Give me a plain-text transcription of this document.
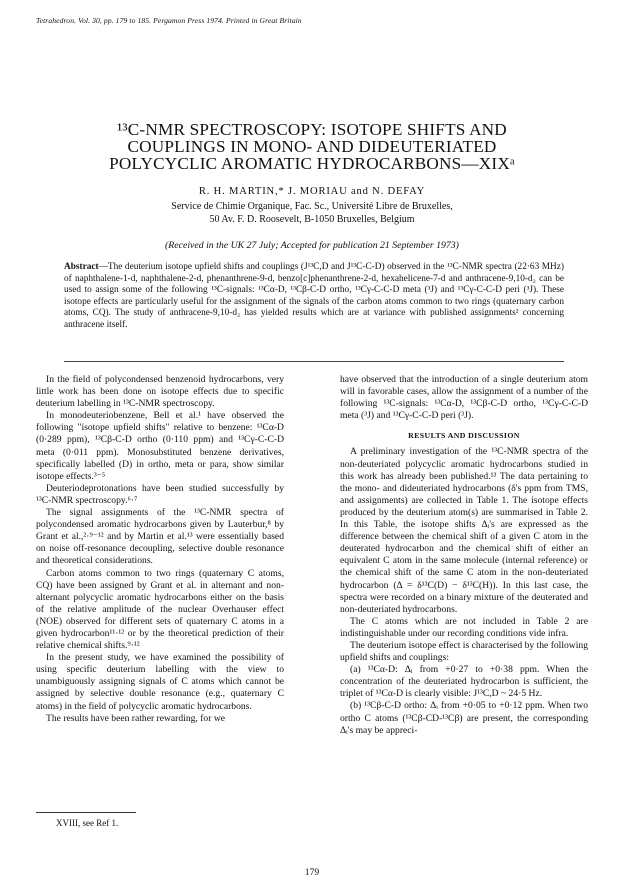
Tetrahedron. Vol. 30, pp. 179 to 185. Pergamon Press 1974. Printed in Great Britain
¹³C-NMR SPECTROSCOPY: ISOTOPE SHIFTS AND
COUPLINGS IN MONO- AND DIDEUTERIATED
POLYCYCLIC AROMATIC HYDROCARBONS—XIXᵃ
R. H. MARTIN,* J. MORIAU and N. DEFAY
Service de Chimie Organique, Fac. Sc., Université Libre de Bruxelles,
50 Av. F. D. Roosevelt, B-1050 Bruxelles, Belgium
(Received in the UK 27 July; Accepted for publication 21 September 1973)
Abstract—The deuterium isotope upfield shifts and couplings (J¹³C,D and J¹³C-C-D) observed in the ¹³C-NMR spectra (22·63 MHz) of naphthalene-1-d, naphthalene-2-d, phenanthrene-9-d, benzo[c]phenanthrene-2-d, hexahelicene-7-d and anthracene-9,10-d₂ can be used to assign some of the following ¹³C-signals: ¹³Cα-D, ¹³Cβ-C-D ortho, ¹³Cγ-C-C-D meta (³J) and ¹³Cγ-C-C-D peri (³J). These isotope effects are particularly useful for the assignment of the signals of the carbon atoms common to two rings (quaternary carbon atoms, CQ). The study of anthracene-9,10-d₂ has yielded results which are at variance with published assignments² concerning anthracene itself.

In the field of polycondensed benzenoid hydrocarbons, very little work has been done on isotope effects due to specific deuterium labelling in ¹³C-NMR spectroscopy.

In monodeuteriobenzene, Bell et al.¹ have observed the following "isotope upfield shifts" relative to benzene: ¹³Cα-D (0·289 ppm), ¹³Cβ-C-D ortho (0·110 ppm) and ¹³Cγ-C-C-D meta (0·011 ppm). Monosubstituted benzene derivatives, specifically labelled (D) in ortho, meta or para, show similar isotope effects.³⁻⁵

Deuteriodeprotonations have been studied successfully by ¹³C-NMR spectroscopy.⁶·⁷

The signal assignments of the ¹³C-NMR spectra of polycondensed aromatic hydrocarbons given by Lauterbur,⁸ by Grant et al.,²·⁹⁻¹² and by Martin et al.¹³ were essentially based on noise off-resonance decoupling, selective double resonance and theoretical considerations.

Carbon atoms common to two rings (quaternary C atoms, CQ) have been assigned by Grant et al. in alternant and non-alternant polycyclic aromatic hydrocarbons either on the basis of the relative amplitude of the nuclear Overhauser effect (NOE) observed for different sets of quaternary C atoms in a given hydrocarbon¹¹·¹² or by the theoretical prediction of their relative chemical shifts.⁹·¹²

In the present study, we have examined the possibility of using specific deuterium labelling with the view to unambiguously assigning signals of C atoms which cannot be assigned by selective double resonance (e.g., quaternary C atoms) in the field of polycyclic aromatic hydrocarbons.

The results have been rather rewarding, for we

have observed that the introduction of a single deuterium atom will in favorable cases, allow the assignment of a number of the following ¹³C-signals: ¹³Cα-D, ¹³Cβ-C-D ortho, ¹³Cγ-C-C-D meta (³J) and ¹³Cγ-C-C-D peri (³J).

RESULTS AND DISCUSSION

A preliminary investigation of the ¹³C-NMR spectra of the non-deuteriated polycyclic aromatic hydrocarbons studied in this work has already been published.¹³ The data pertaining to the mono- and dideuteriated hydrocarbons (δ's ppm from TMS, and assignments) are collected in Table 1. The isotope effects produced by the deuterium atom(s) are summarised in Table 2. In this Table, the isotope shifts Δᵢ's are expressed as the difference between the chemical shift of a given C atom in the deuterated hydrocarbon and the chemical shift of either an equivalent C atom in the same molecule (internal reference) or the chemical shift of the same C atom in the non-deuteriated hydrocarbon (Δ = δ¹³C(D) − δ¹³C(H)). In this last case, the spectra were recorded on a binary mixture of the deuterated and non-deuteriated hydrocarbons.

The C atoms which are not included in Table 2 are indistinguishable under our recording conditions vide infra.

The deuterium isotope effect is characterised by the following upfield shifts and couplings:

(a) ¹³Cα-D: Δᵢ from +0·27 to +0·38 ppm. When the concentration of the deuteriated hydrocarbon is sufficient, the triplet of ¹³Cα-D is clearly visible: J¹³C,D ~ 24·5 Hz.

(b) ¹³Cβ-C-D ortho: Δᵢ from +0·05 to +0·12 ppm. When two ortho C atoms (¹³Cβ-CD-¹³Cβ) are present, the corresponding Δᵢ's may be appreci-

XVIII, see Ref 1.
179
